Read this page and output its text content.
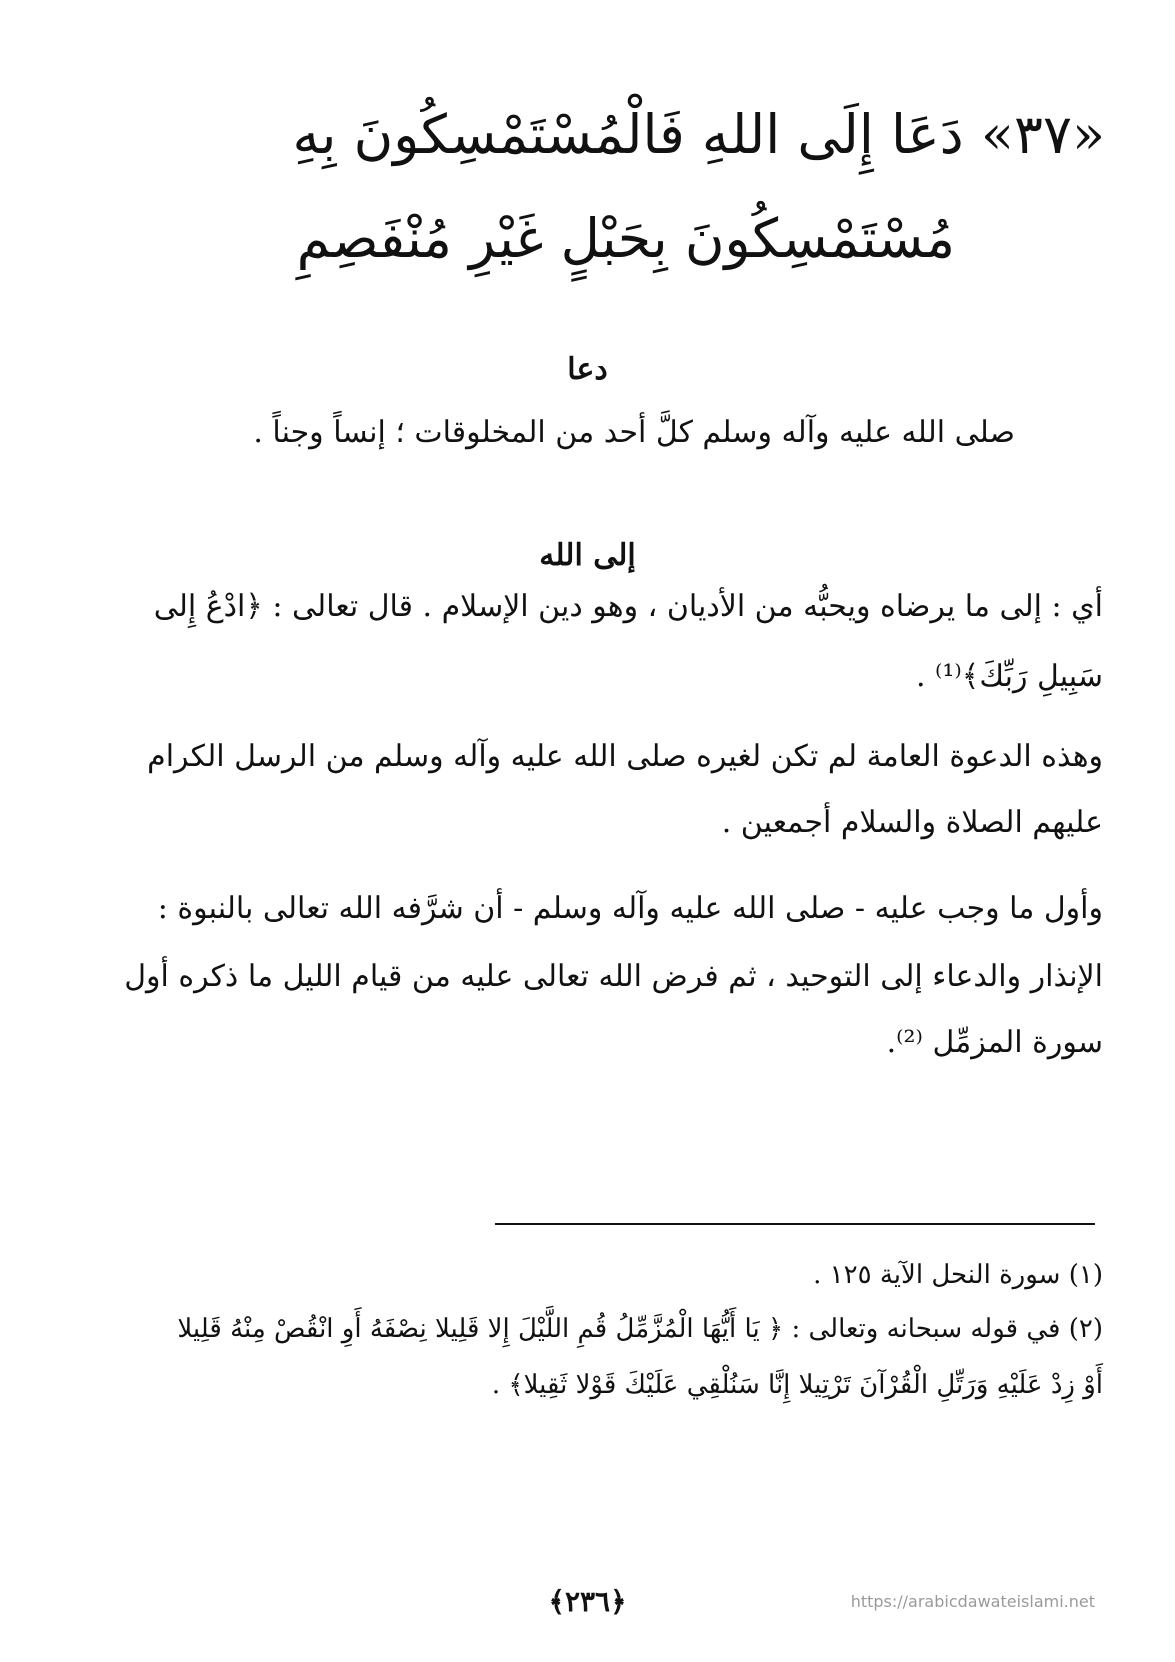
«٣٧» دَعَا إِلَى اللهِ فَالْمُسْتَمْسِكُونَ بِهِ
مُسْتَمْسِكُونَ بِحَبْلٍ غَيْرِ مُنْفَصِمِ
دعا
صلى الله عليه وآله وسلم كلَّ أحد من المخلوقات ؛ إنساً وجناً .
إلى الله
أي : إلى ما يرضاه ويحبُّه من الأديان ، وهو دين الإسلام . قال تعالى : ﴿ادْعُ إِلى
سَبِيلِ رَبِّكَ﴾⁽¹⁾ .
وهذه الدعوة العامة لم تكن لغيره صلى الله عليه وآله وسلم من الرسل الكرام
عليهم الصلاة والسلام أجمعين .
وأول ما وجب عليه - صلى الله عليه وآله وسلم - أن شرَّفه الله تعالى بالنبوة :
الإنذار والدعاء إلى التوحيد ، ثم فرض الله تعالى عليه من قيام الليل ما ذكره أول
سورة المزمِّل ⁽²⁾.
(١) سورة النحل الآية ١٢٥ .
(٢) في قوله سبحانه وتعالى : ﴿ يَا أَيُّهَا الْمُزَّمِّلُ قُمِ اللَّيْلَ إِلا قَلِيلا نِصْفَهُ أَوِ انْقُصْ مِنْهُ قَلِيلا
أَوْ زِدْ عَلَيْهِ وَرَتِّلِ الْقُرْآنَ تَرْتِيلا إِنَّا سَنُلْقِي عَلَيْكَ قَوْلا ثَقِيلا﴾ .
﴿٢٣٦﴾	https://arabicdawateislami.net
